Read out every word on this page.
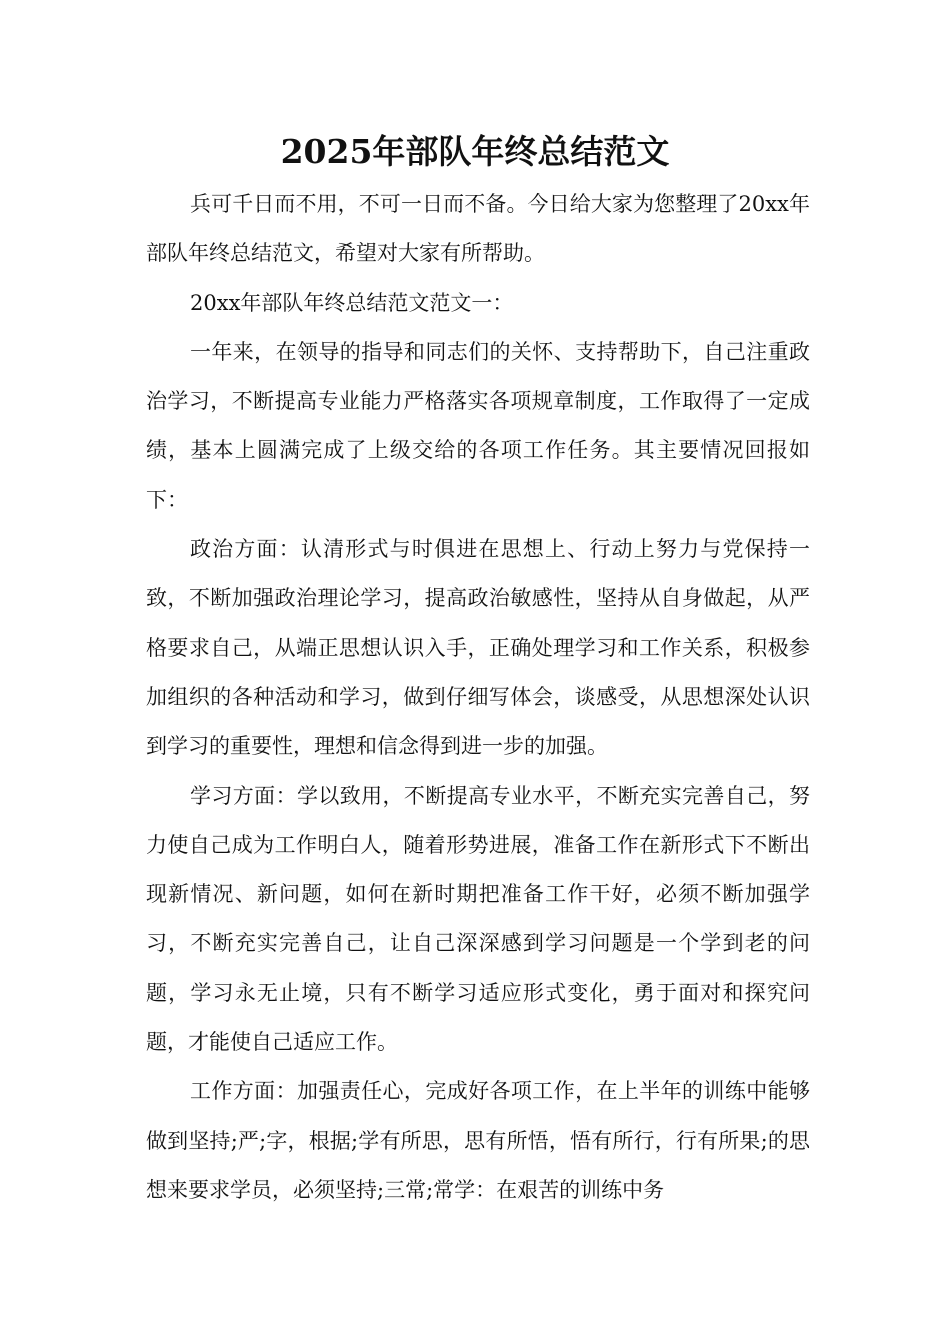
2025年部队年终总结范文

兵可千日而不用，不可一日而不备。今日给大家为您整理了20xx年部队年终总结范文，希望对大家有所帮助。

20xx年部队年终总结范文范文一：

一年来，在领导的指导和同志们的关怀、支持帮助下，自己注重政治学习，不断提高专业能力严格落实各项规章制度，工作取得了一定成绩，基本上圆满完成了上级交给的各项工作任务。其主要情况回报如下：

政治方面：认清形式与时俱进在思想上、行动上努力与党保持一致，不断加强政治理论学习，提高政治敏感性，坚持从自身做起，从严格要求自己，从端正思想认识入手，正确处理学习和工作关系，积极参加组织的各种活动和学习，做到仔细写体会，谈感受，从思想深处认识到学习的重要性，理想和信念得到进一步的加强。

学习方面：学以致用，不断提高专业水平，不断充实完善自己，努力使自己成为工作明白人，随着形势进展，准备工作在新形式下不断出现新情况、新问题，如何在新时期把准备工作干好，必须不断加强学习，不断充实完善自己，让自己深深感到学习问题是一个学到老的问题，学习永无止境，只有不断学习适应形式变化，勇于面对和探究问题，才能使自己适应工作。

工作方面：加强责任心，完成好各项工作，在上半年的训练中能够做到坚持;严;字，根据;学有所思，思有所悟，悟有所行，行有所果;的思想来要求学员，必须坚持;三常;常学：在艰苦的训练中务
